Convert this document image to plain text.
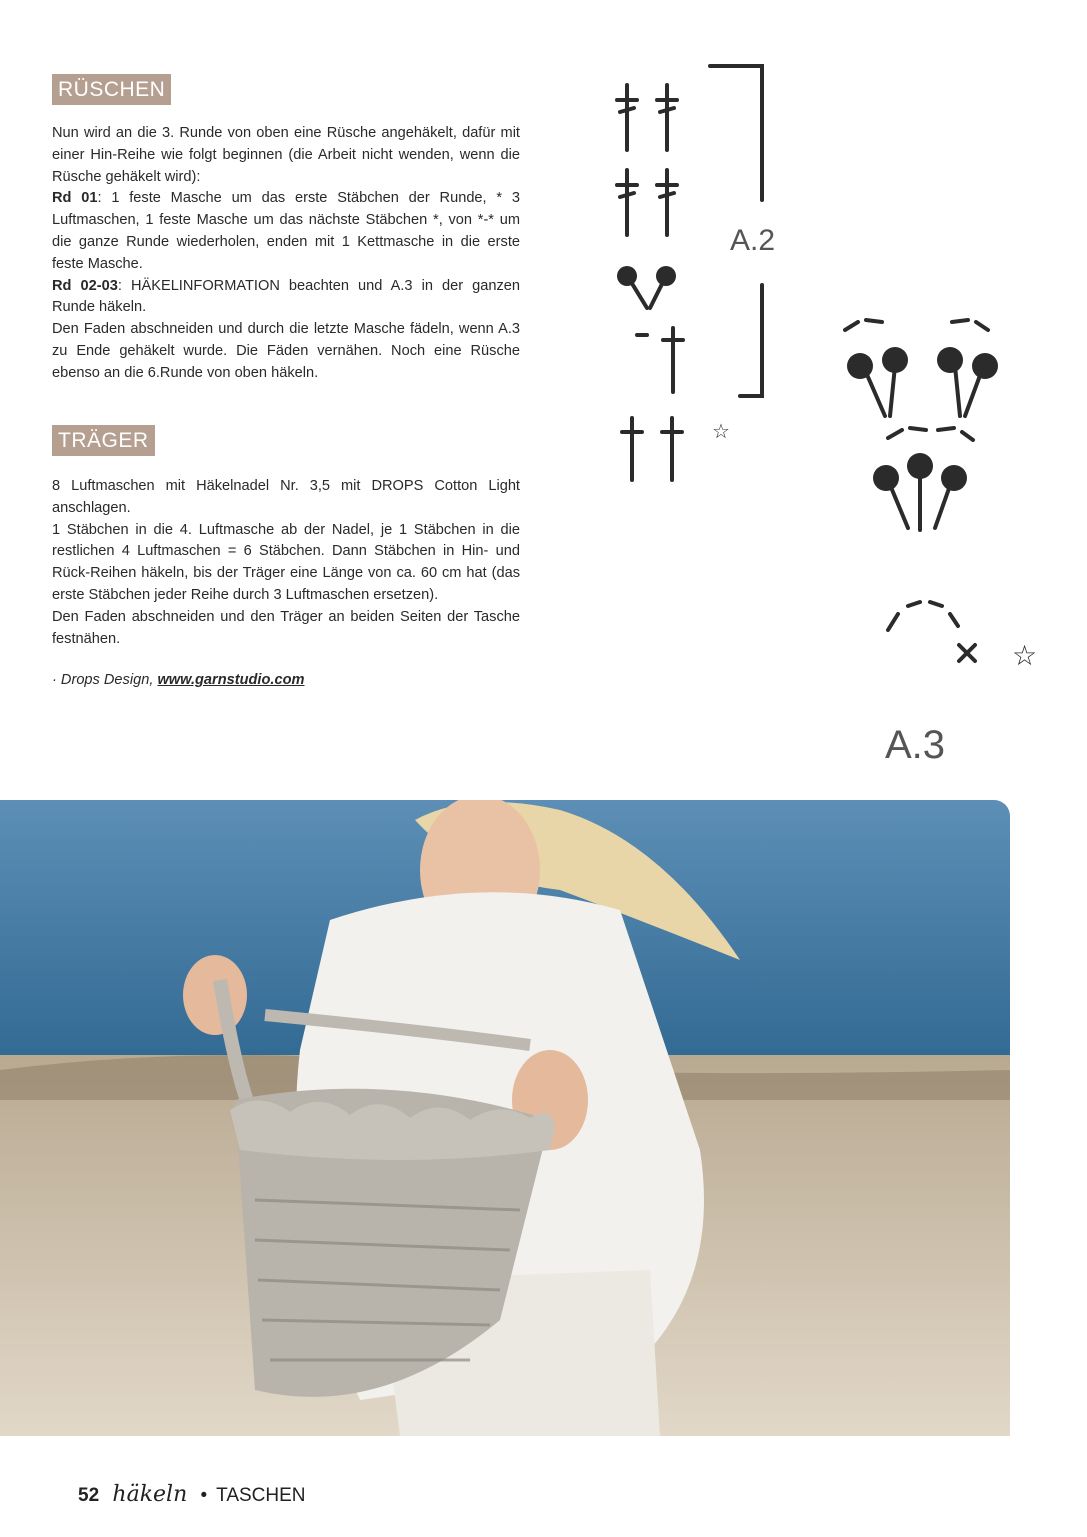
RÜSCHEN

Nun wird an die 3. Runde von oben eine Rüsche angehäkelt, dafür mit einer Hin-Reihe wie folgt beginnen (die Arbeit nicht wenden, wenn die Rüsche gehäkelt wird):

Rd 01: 1 feste Masche um das erste Stäbchen der Runde, * 3 Luftmaschen, 1 feste Masche um das nächste Stäbchen *, von *-* um die ganze Runde wiederholen, enden mit 1 Kettmasche in die erste feste Masche.

Rd 02-03: HÄKELINFORMATION beachten und A.3 in der ganzen Runde häkeln.

Den Faden abschneiden und durch die letzte Masche fädeln, wenn A.3 zu Ende gehäkelt wurde. Die Fäden vernähen. Noch eine Rüsche ebenso an die 6.Runde von oben häkeln.

TRÄGER

8 Luftmaschen mit Häkelnadel Nr. 3,5 mit DROPS Cotton Light anschlagen.

1 Stäbchen in die 4. Luftmasche ab der Nadel, je 1 Stäbchen in die restlichen 4 Luftmaschen = 6 Stäbchen. Dann Stäbchen in Hin- und Rück-Reihen häkeln, bis der Träger eine Länge von ca. 60 cm hat (das erste Stäbchen jeder Reihe durch 3 Luftmaschen ersetzen).

Den Faden abschneiden und den Träger an beiden Seiten der Tasche festnähen.

· Drops Design, www.garnstudio.com
A.2
☆
☆
A.3
52 häkeln • TASCHEN
